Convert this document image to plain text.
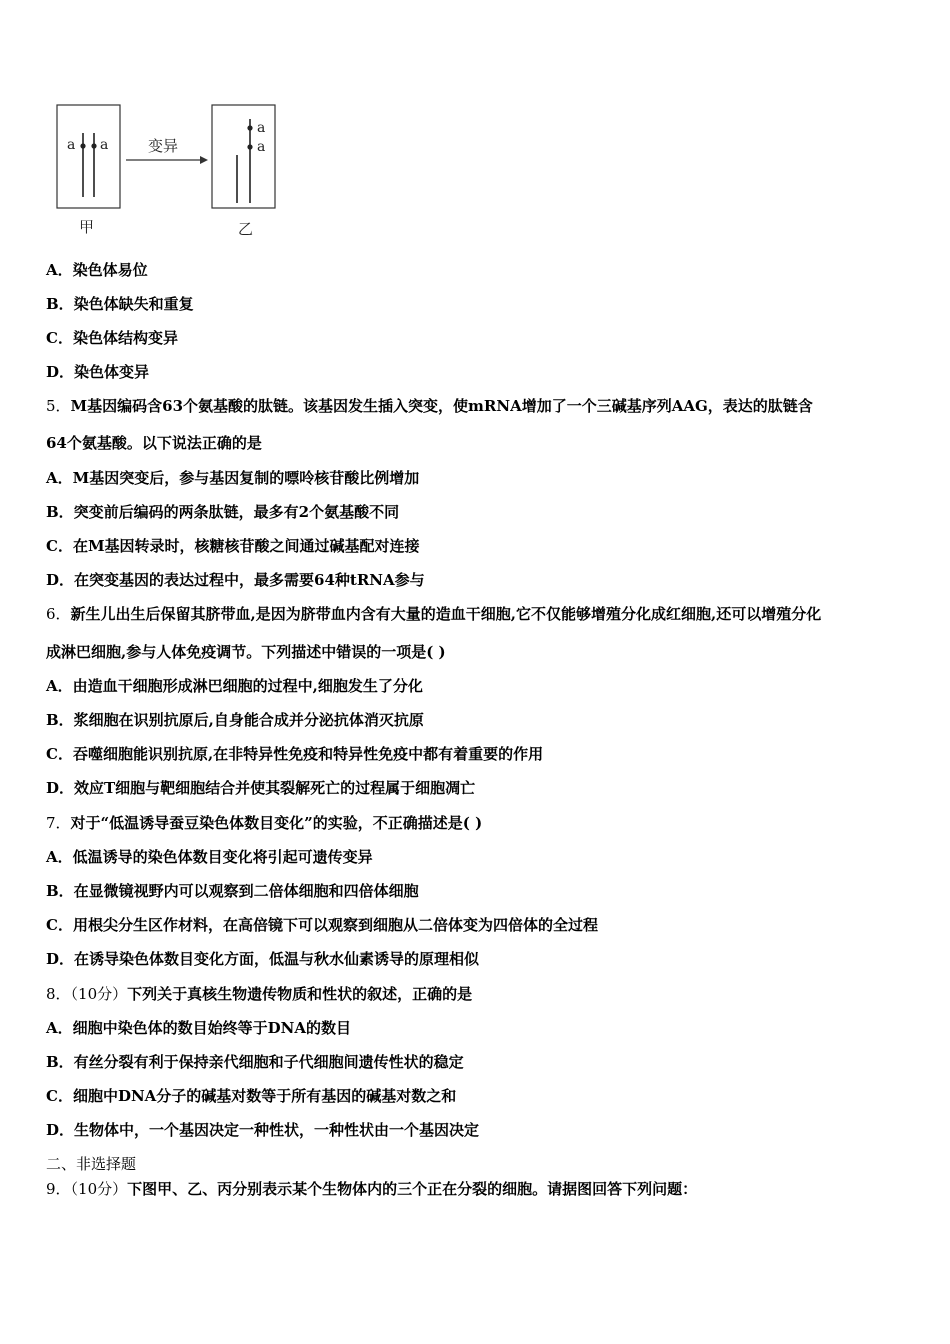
a a
a
a
变异
甲	乙
A．染色体易位
B．染色体缺失和重复
C．染色体结构变异
D．染色体变异
5．M基因编码含63个氨基酸的肽链。该基因发生插入突变，使mRNA增加了一个三碱基序列AAG，表达的肽链含
64个氨基酸。以下说法正确的是
A．M基因突变后，参与基因复制的嘌呤核苷酸比例增加
B．突变前后编码的两条肽链，最多有2个氨基酸不同
C．在M基因转录时，核糖核苷酸之间通过碱基配对连接
D．在突变基因的表达过程中，最多需要64种tRNA参与
6．新生儿出生后保留其脐带血,是因为脐带血内含有大量的造血干细胞,它不仅能够增殖分化成红细胞,还可以增殖分化
成淋巴细胞,参与人体免疫调节。下列描述中错误的一项是( )
A．由造血干细胞形成淋巴细胞的过程中,细胞发生了分化
B．浆细胞在识别抗原后,自身能合成并分泌抗体消灭抗原
C．吞噬细胞能识别抗原,在非特异性免疫和特异性免疫中都有着重要的作用
D．效应T细胞与靶细胞结合并使其裂解死亡的过程属于细胞凋亡
7．对于“低温诱导蚕豆染色体数目变化”的实验，不正确描述是( )
A．低温诱导的染色体数目变化将引起可遗传变异
B．在显微镜视野内可以观察到二倍体细胞和四倍体细胞
C．用根尖分生区作材料，在高倍镜下可以观察到细胞从二倍体变为四倍体的全过程
D．在诱导染色体数目变化方面，低温与秋水仙素诱导的原理相似
8．（10分）下列关于真核生物遗传物质和性状的叙述，正确的是
A．细胞中染色体的数目始终等于DNA的数目
B．有丝分裂有利于保持亲代细胞和子代细胞间遗传性状的稳定
C．细胞中DNA分子的碱基对数等于所有基因的碱基对数之和
D．生物体中，一个基因决定一种性状，一种性状由一个基因决定
二、非选择题
9．（10分）下图甲、乙、丙分别表示某个生物体内的三个正在分裂的细胞。请据图回答下列问题：
